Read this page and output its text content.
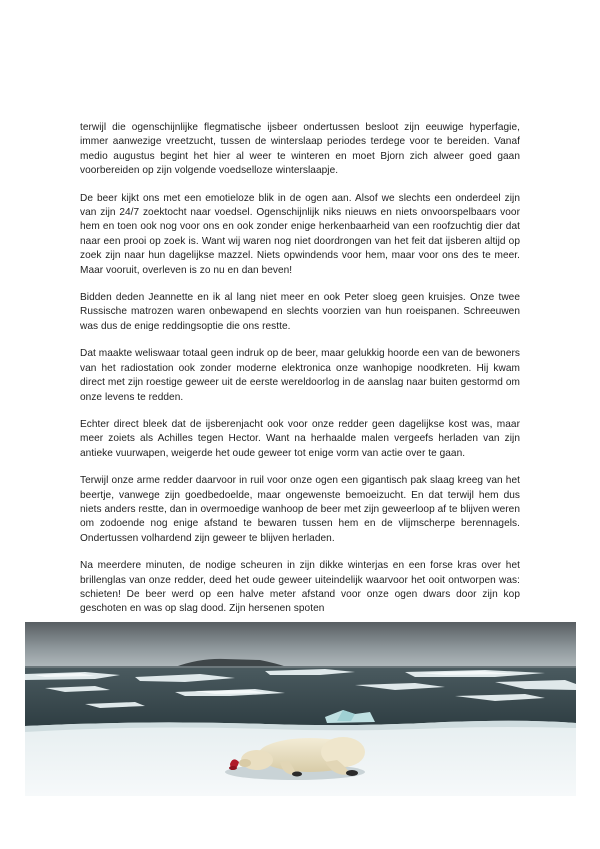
terwijl die ogenschijnlijke flegmatische ijsbeer ondertussen besloot zijn eeuwige hyperfagie, immer aanwezige vreetzucht, tussen de winterslaap periodes terdege voor te bereiden. Vanaf medio augustus begint het hier al weer te winteren en moet Bjorn zich alweer goed gaan voorbereiden op zijn volgende voedselloze winterslaapje.

De beer kijkt ons met een emotieloze blik in de ogen aan. Alsof we slechts een onderdeel zijn van zijn 24/7 zoektocht naar voedsel. Ogenschijnlijk niks nieuws en niets onvoorspelbaars voor hem en toen ook nog voor ons en ook zonder enige herkenbaarheid van een roofzuchtig dier dat naar een prooi op zoek is. Want wij waren nog niet doordrongen van het feit dat ijsberen altijd op zoek zijn naar hun dagelijkse mazzel. Niets opwindends voor hem, maar voor ons des te meer. Maar vooruit, overleven is zo nu en dan beven!

Bidden deden Jeannette en ik al lang niet meer en ook Peter sloeg geen kruisjes. Onze twee Russische matrozen waren onbewapend en slechts voorzien van hun roeispanen. Schreeuwen was dus de enige reddingsoptie die ons restte.

Dat maakte weliswaar totaal geen indruk op de beer, maar gelukkig hoorde een van de bewoners van het radiostation ook zonder moderne elektronica onze wanhopige noodkreten. Hij kwam direct met zijn roestige geweer uit de eerste wereldoorlog in de aanslag naar buiten gestormd om onze levens te redden.

Echter direct bleek dat de ijsberenjacht ook voor onze redder geen dagelijkse kost was, maar meer zoiets als Achilles tegen Hector. Want na herhaalde malen vergeefs herladen van zijn antieke vuurwapen, weigerde het oude geweer tot enige vorm van actie over te gaan.

Terwijl onze arme redder daarvoor in ruil voor onze ogen een gigantisch pak slaag kreeg van het beertje, vanwege zijn goedbedoelde, maar ongewenste bemoeizucht. En dat terwijl hem dus niets anders restte, dan in overmoedige wanhoop de beer met zijn geweerloop af te blijven weren om zodoende nog enige afstand te bewaren tussen hem en de vlijmscherpe berennagels. Ondertussen volhardend zijn geweer te blijven herladen.

Na meerdere minuten, de nodige scheuren in zijn dikke winterjas en een forse kras over het brillenglas van onze redder, deed het oude geweer uiteindelijk waarvoor het ooit ontworpen was: schieten! De beer werd op een halve meter afstand voor onze ogen dwars door zijn kop geschoten en was op slag dood. Zijn hersenen spoten
